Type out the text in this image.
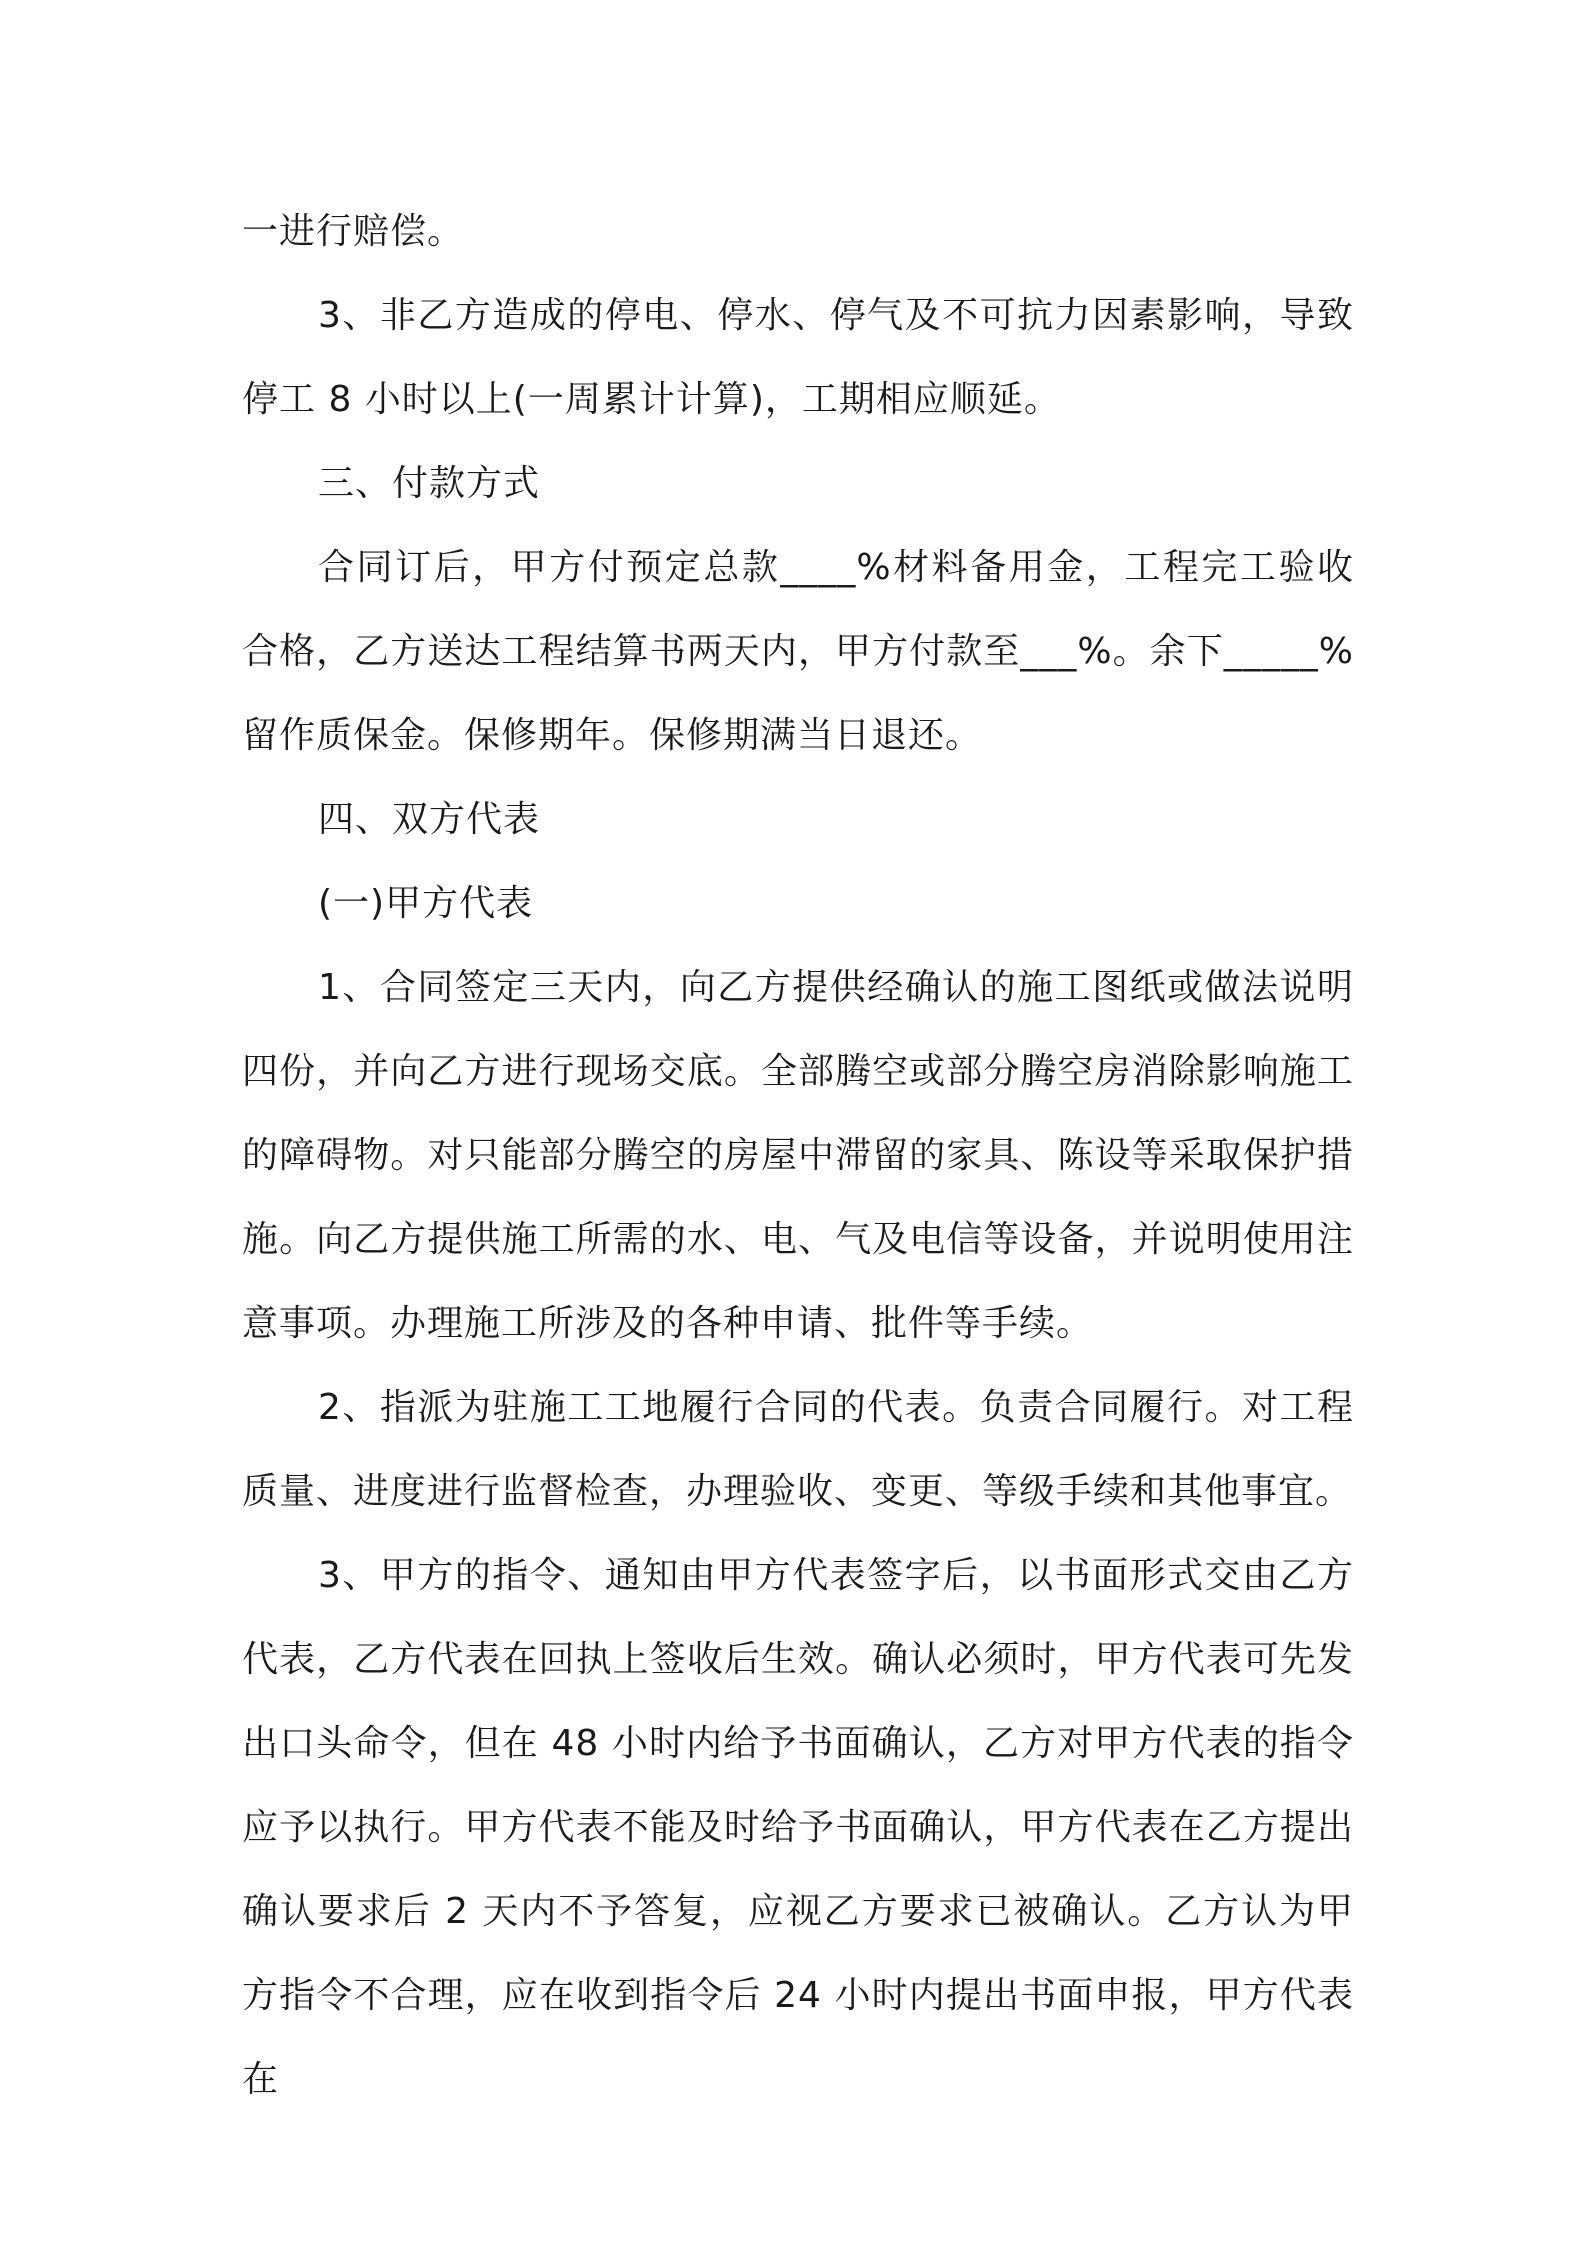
一进行赔偿。

3、非乙方造成的停电、停水、停气及不可抗力因素影响，导致停工 8 小时以上(一周累计计算)，工期相应顺延。

三、付款方式

合同订后，甲方付预定总款____%材料备用金，工程完工验收合格，乙方送达工程结算书两天内，甲方付款至___%。余下_____%留作质保金。保修期年。保修期满当日退还。

四、双方代表

(一)甲方代表

1、合同签定三天内，向乙方提供经确认的施工图纸或做法说明四份，并向乙方进行现场交底。全部腾空或部分腾空房消除影响施工的障碍物。对只能部分腾空的房屋中滞留的家具、陈设等采取保护措施。向乙方提供施工所需的水、电、气及电信等设备，并说明使用注意事项。办理施工所涉及的各种申请、批件等手续。

2、指派为驻施工工地履行合同的代表。负责合同履行。对工程质量、进度进行监督检查，办理验收、变更、等级手续和其他事宜。

3、甲方的指令、通知由甲方代表签字后，以书面形式交由乙方代表，乙方代表在回执上签收后生效。确认必须时，甲方代表可先发出口头命令，但在 48 小时内给予书面确认，乙方对甲方代表的指令应予以执行。甲方代表不能及时给予书面确认，甲方代表在乙方提出确认要求后 2 天内不予答复，应视乙方要求已被确认。乙方认为甲方指令不合理，应在收到指令后 24 小时内提出书面申报，甲方代表在
